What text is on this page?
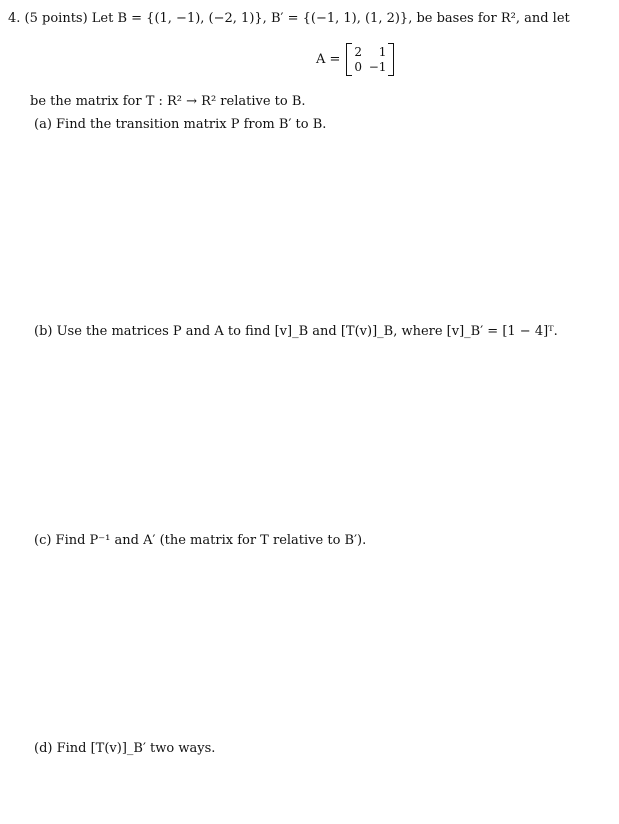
4. (5 points) Let B = {(1, −1), (−2, 1)}, B′ = {(−1, 1), (1, 2)}, be bases for R², and let
A =
2	1
0 −1
be the matrix for T : R² → R² relative to B.
(a) Find the transition matrix P from B′ to B.
(b) Use the matrices P and A to find [v]_B and [T(v)]_B, where [v]_B′ = [1 − 4]ᵀ.
(c) Find P⁻¹ and A′ (the matrix for T relative to B′).
(d) Find [T(v)]_B′ two ways.
